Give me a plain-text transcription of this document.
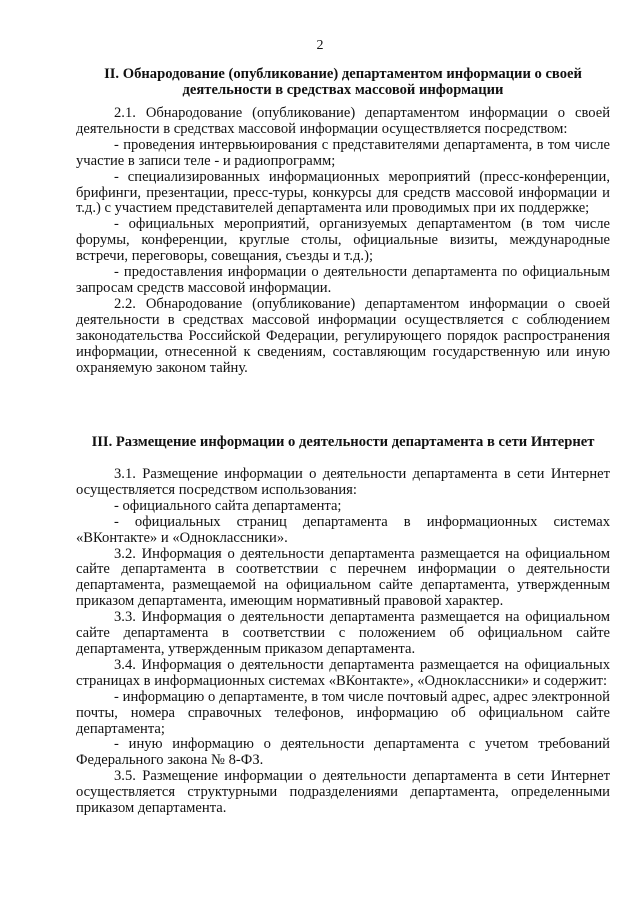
2
II. Обнародование (опубликование) департаментом информации о своей
деятельности в средствах массовой информации

2.1. Обнародование (опубликование) департаментом информации о своей деятельности в средствах массовой информации осуществляется посредством:

- проведения интервьюирования с представителями департамента, в том числе участие в записи теле - и радиопрограмм;

- специализированных информационных мероприятий (пресс-конференции, брифинги, презентации, пресс-туры, конкурсы для средств массовой информации и т.д.) с участием представителей департамента или проводимых при их поддержке;

- официальных мероприятий, организуемых департаментом (в том числе форумы, конференции, круглые столы, официальные визиты, международные встречи, переговоры, совещания, съезды и т.д.);

- предоставления информации о деятельности департамента по официальным запросам средств массовой информации.

2.2. Обнародование (опубликование) департаментом информации о своей деятельности в средствах массовой информации осуществляется с соблюдением законодательства Российской Федерации, регулирующего порядок распространения информации, отнесенной к сведениям, составляющим государственную или иную охраняемую законом тайну.

III. Размещение информации о деятельности департамента в сети Интернет

3.1. Размещение информации о деятельности департамента в сети Интернет осуществляется посредством использования:

- официального сайта департамента;

- официальных страниц департамента в информационных системах «ВКонтакте» и «Одноклассники».

3.2. Информация о деятельности департамента размещается на официальном сайте департамента в соответствии с перечнем информации о деятельности департамента, размещаемой на официальном сайте департамента, утвержденным приказом департамента, имеющим нормативный правовой характер.

3.3. Информация о деятельности департамента размещается на официальном сайте департамента в соответствии с положением об официальном сайте департамента, утвержденным приказом департамента.

3.4. Информация о деятельности департамента размещается на официальных страницах в информационных системах «ВКонтакте», «Одноклассники» и содержит:

- информацию о департаменте, в том числе почтовый адрес, адрес электронной почты, номера справочных телефонов, информацию об официальном сайте департамента;

- иную информацию о деятельности департамента с учетом требований Федерального закона № 8-ФЗ.

3.5. Размещение информации о деятельности департамента в сети Интернет осуществляется структурными подразделениями департамента, определенными приказом департамента.
